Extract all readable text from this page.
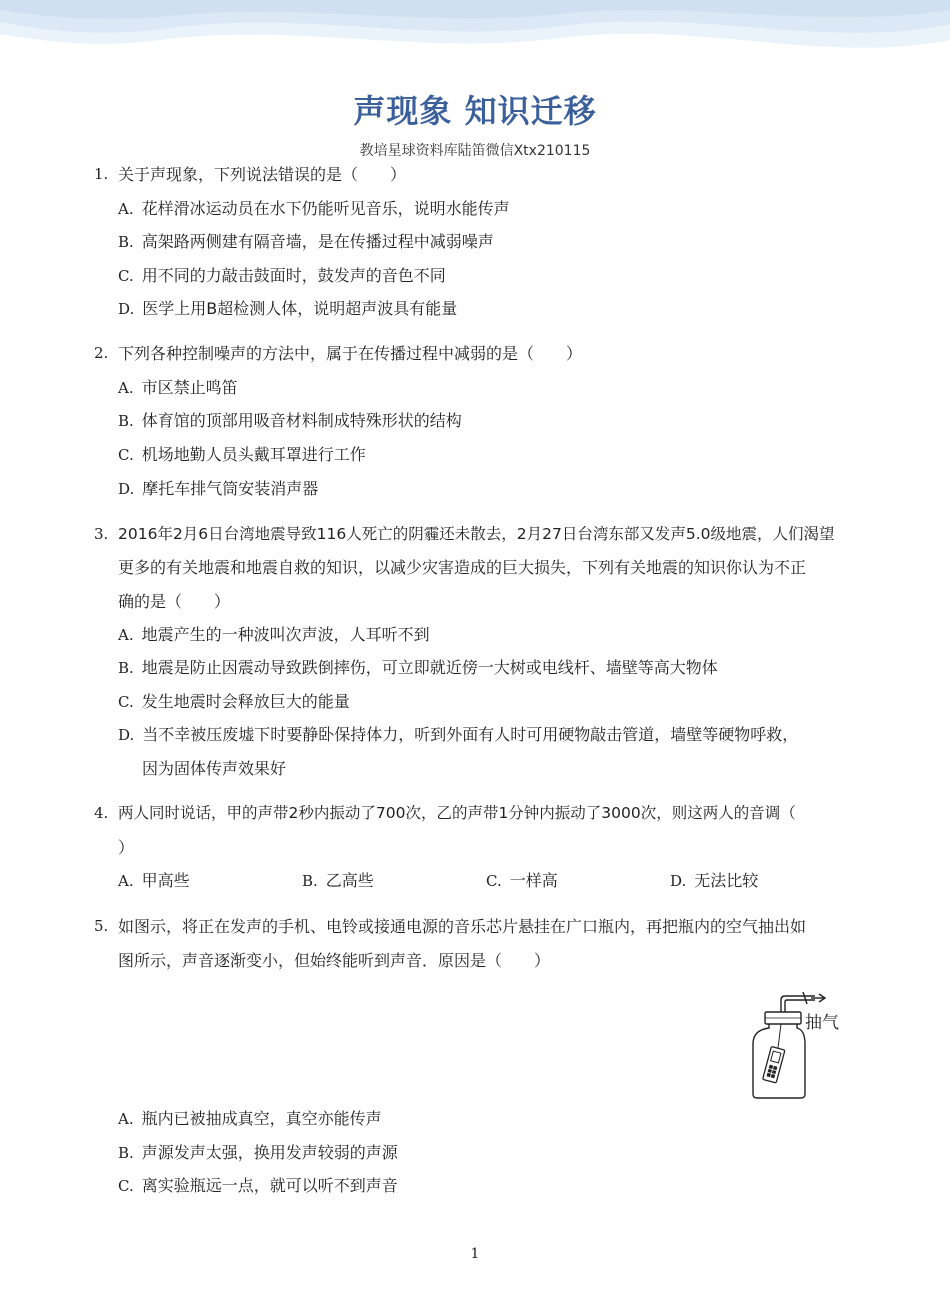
声现象 知识迁移
教培星球资料库陆笛微信Xtx210115
1. 关于声现象，下列说法错误的是（　　）
A. 花样滑冰运动员在水下仍能听见音乐，说明水能传声
B. 高架路两侧建有隔音墙，是在传播过程中减弱噪声
C. 用不同的力敲击鼓面时，鼓发声的音色不同
D. 医学上用B超检测人体，说明超声波具有能量
2. 下列各种控制噪声的方法中，属于在传播过程中减弱的是（　　）
A. 市区禁止鸣笛
B. 体育馆的顶部用吸音材料制成特殊形状的结构
C. 机场地勤人员头戴耳罩进行工作
D. 摩托车排气筒安装消声器
3. 2016年2月6日台湾地震导致116人死亡的阴霾还未散去，2月27日台湾东部又发声5.0级地震，人们渴望
更多的有关地震和地震自救的知识，以减少灾害造成的巨大损失，下列有关地震的知识你认为不正
确的是（　　）
A. 地震产生的一种波叫次声波，人耳听不到
B. 地震是防止因震动导致跌倒摔伤，可立即就近傍一大树或电线杆、墙壁等高大物体
C. 发生地震时会释放巨大的能量
D. 当不幸被压废墟下时要静卧保持体力，听到外面有人时可用硬物敲击管道，墙壁等硬物呼救，
因为固体传声效果好
4. 两人同时说话，甲的声带2秒内振动了700次，乙的声带1分钟内振动了3000次，则这两人的音调（
）
A. 甲高些	B. 乙高些	C. 一样高	D. 无法比较
5. 如图示，将正在发声的手机、电铃或接通电源的音乐芯片悬挂在广口瓶内，再把瓶内的空气抽出如
图所示，声音逐渐变小，但始终能听到声音．原因是（　　）
抽气
A. 瓶内已被抽成真空，真空亦能传声
B. 声源发声太强，换用发声较弱的声源
C. 离实验瓶远一点，就可以听不到声音
1
